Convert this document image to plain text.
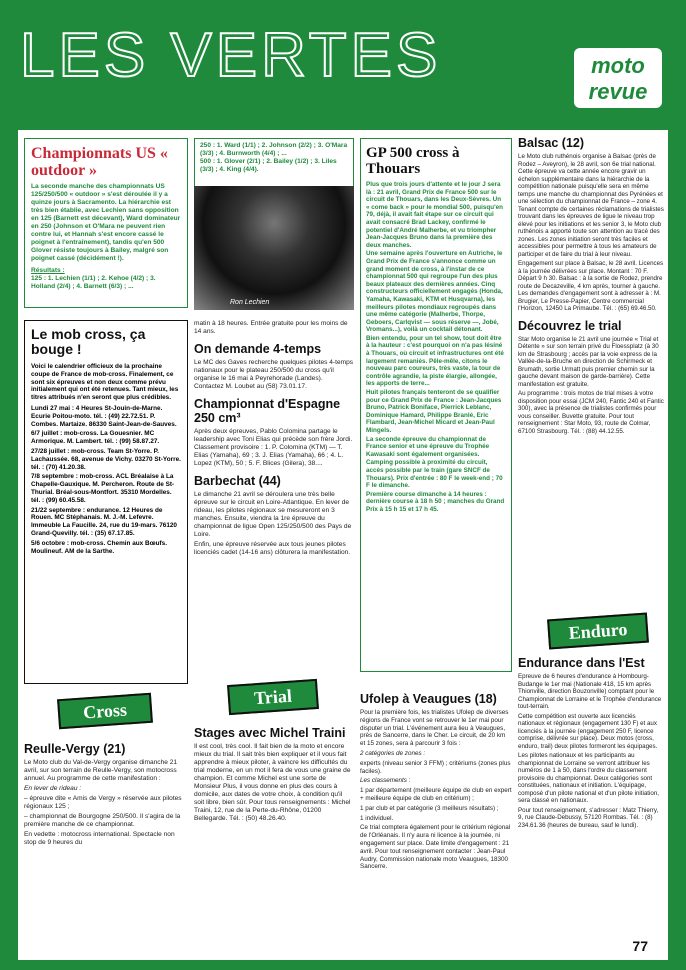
LES VERTES	moto
revue
Championnats US « outdoor »

La seconde manche des championnats US 125/250/500 « outdoor » s'est déroulée il y a quinze jours à Sacramento. La hiérarchie est très bien établie, avec Lechien sans opposition en 125 (Barnett est décevant), Ward dominateur en 250 (Johnson et O'Mara ne peuvent rien contre lui, et Hannah s'est encore cassé le poignet à l'entraînement), tandis qu'en 500 Glover résiste toujours à Bailey, malgré son poignet cassé (décidément !).

Résultats :

125 : 1. Lechien (1/1) ; 2. Kehoe (4/2) ; 3. Holland (2/4) ; 4. Barnett (6/3) ; ...

250 : 1. Ward (1/1) ; 2. Johnson (2/2) ; 3. O'Mara (3/3) ; 4. Burnworth (4/4) ; ...

500 : 1. Glover (2/1) ; 2. Bailey (1/2) ; 3. Liles (3/3) ; 4. King (4/4).

Ron Lechien
Le mob cross, ça bouge !

Voici le calendrier officieux de la prochaine coupe de France de mob-cross. Finalement, ce sont six épreuves et non deux comme prévu initialement qui ont été retenues. Tant mieux, les titres attribués n'en seront que plus crédibles.

Lundi 27 mai : 4 Heures St-Jouin-de-Marne. Ecurie Poitou-moto. tél. : (49) 22.72.51. P. Combes. Martaize. 86330 Saint-Jean-de-Sauves.

6/7 juillet : mob-cross. La Gouesnier. MC Armorique. M. Lambert. tél. : (99) 58.87.27.

27/28 juillet : mob-cross. Team St-Yorre. P. Lachaussée. 68, avenue de Vichy. 03270 St-Yorre. tél. : (70) 41.20.38.

7/8 septembre : mob-cross. ACL Bréalaise à La Chapelle-Gauxique. M. Percheron. Route de St-Thurial. Bréal-sous-Montfort. 35310 Mordelles. tél. : (99) 60.45.58.

21/22 septembre : endurance. 12 Heures de Rouen. MC Stéphanais. M. J.-M. Lefevre. Immeuble La Faucille. 24, rue du 19-mars. 76120 Grand-Quevilly. tél. : (35) 67.17.85.

5/6 octobre : mob-cross. Chemin aux Bœufs. Moulineuf. AM de la Sarthe.

Cross
Reulle-Vergy (21)

Le Moto club du Val-de-Vergy organise dimanche 21 avril, sur son terrain de Reulle-Vergy, son motocross annuel. Au programme de cette manifestation :

En lever de rideau :

– épreuve dite « Amis de Vergy » réservée aux pilotes régionaux 125 ;

– championnat de Bourgogne 250/500. Il s'agira de la première manche de ce championnat.

En vedette : motocross international. Spectacle non stop de 9 heures du

matin à 18 heures. Entrée gratuite pour les moins de 14 ans.

On demande 4-temps

Le MC des Gaves recherche quelques pilotes 4-temps nationaux pour le plateau 250/500 du cross qu'il organise le 16 mai à Peyrehorade (Landes). Contactez M. Loubet au (58) 73.01.17.

Championnat d'Espagne 250 cm³

Après deux épreuves, Pablo Colomina partage le leadership avec Toni Elias qui précède son frère Jordi. Classement provisoire : 1. P. Colomina (KTM) — T. Elias (Yamaha), 69 ; 3. J. Elias (Yamaha), 66 ; 4. L. Lopez (KTM), 50 ; 5. F. Blices (Gilera), 38....

Barbechat (44)

Le dimanche 21 avril se déroulera une très belle épreuve sur le circuit en Loire-Atlantique. En lever de rideau, les pilotes régionaux se mesureront en 3 manches. Ensuite, viendra la 1re épreuve du championnat de ligue Open 125/250/500 des Pays de Loire.

Enfin, une épreuve réservée aux tous jeunes pilotes licenciés cadet (14-16 ans) clôturera la manifestation.

Trial
Stages avec Michel Traini

Il est cool, très cool. Il fait bien de la moto et encore mieux du trial. Il sait très bien expliquer et il vous fait apprendre à mieux piloter, à vaincre les difficultés du trial moderne, en un mot il fera de vous une graine de champion. Et comme Michel est une sorte de Monsieur Plus, il vous donne en plus des cours à domicile, aux dates de votre choix, à condition qu'il soit libre, bien sûr. Pour tous renseignements : Michel Traini, 12, rue de la Perte-du-Rhône, 01200 Bellegarde. Tél. : (50) 48.26.40.

GP 500 cross à Thouars

Plus que trois jours d'attente et le jour J sera là : 21 avril, Grand Prix de France 500 sur le circuit de Thouars, dans les Deux-Sèvres. Un « come back » pour le mondial 500, puisqu'en 79, déjà, il avait fait étape sur ce circuit qui avait consacré Brad Lackey, confirmé le potentiel d'André Malherbe, et vu triompher Jean-Jacques Bruno dans la première des deux manches.

Une semaine après l'ouverture en Autriche, le Grand Prix de France s'annonce comme un grand moment de cross, à l'instar de ce championnat 500 qui regroupe l'un des plus beaux plateaux des dernières années. Cinq constructeurs officiellement engagés (Honda, Yamaha, Kawasaki, KTM et Husqvarna), les meilleurs pilotes mondiaux regroupés dans une même catégorie (Malherbe, Thorpe, Geboers, Carlqvist — sous réserve —, Jobé, Vromans...), voilà un cocktail détonant.

Bien entendu, pour un tel show, tout doit être à la hauteur : c'est pourquoi on n'a pas lésiné à Thouars, où circuit et infrastructures ont été largement remaniés. Pêle-mêle, citons le nouveau parc coureurs, très vaste, la tour de contrôle agrandie, la piste élargie, allongée, les apports de terre...

Huit pilotes français tenteront de se qualifier pour ce Grand Prix de France : Jean-Jacques Bruno, Patrick Boniface, Pierrick Leblanc, Dominique Hamard, Philippe Branlé, Eric Flambard, Jean-Michel Micard et Jean-Paul Mingels.

La seconde épreuve du championnat de France senior et une épreuve du Trophée Kawasaki sont également organisées.

Camping possible à proximité du circuit, accès possible par le train (gare SNCF de Thouars). Prix d'entrée : 80 F le week-end ; 70 F le dimanche.

Première course dimanche à 14 heures : dernière course à 18 h 50 ; manches du Grand Prix à 15 h 15 et 17 h 45.

Ufolep à Veaugues (18)

Pour la première fois, les trialistes Ufolep de diverses régions de France vont se retrouver le 1er mai pour disputer un trial. L'événement aura lieu à Veaugues, près de Sancerre, dans le Cher. Le circuit, de 20 km et 15 zones, sera à parcourir 3 fois :

2 catégories de zones :

experts (niveau senior 3 FFM) ; critériums (zones plus faciles).

Les classements :

1 par département (meilleure équipe de club en expert + meilleure équipe de club en critérium) ;

1 par club et par catégorie (3 meilleurs résultats) ;

1 individuel.

Ce trial comptera également pour le critérium régional de l'Orléanais. Il n'y aura ni licence à la journée, ni engagement sur place. Date limite d'engagement : 21 avril. Pour tout renseignement contacter : Jean-Paul Audry, Commission nationale moto Veaugues, 18300 Sancerre.

Balsac (12)

Le Moto club ruthénois organise à Balsac (près de Rodez – Aveyron), le 28 avril, son 6e trial national. Cette épreuve va cette année encore gravir un échelon supplémentaire dans la hiérarchie de la compétition nationale puisqu'elle sera en même temps une manche du championnat des Pyrénées et une sélection du championnat de France – zone 4. Tenant compte de certaines réclamations de trialistes trouvant dans les épreuves de ligue le niveau trop élevé pour les initiations et les senior 3, le Moto club ruthénois a apporté toute son attention au tracé des zones. Les zones initiation seront très faciles et accessibles pour permettre à tous les amateurs de participer et de faire du trial à leur niveau.

Engagement sur place à Balsac, le 28 avril. Licences à la journée délivrées sur place. Montant : 70 F. Départ 9 h 30. Balsac : à la sortie de Rodez, prendre route de Decazeville, 4 km après, tourner à gauche. Les demandes d'engagement sont à adresser à : M. Brugier, Le Presse-Papier, Centre commercial l'Horizon, 12450 La Primaube. Tél. : (65) 69.46.50.

Découvrez le trial

Star Moto organise le 21 avril une journée « Trial et Détente » sur son terrain privé du Floessplatz (à 30 km de Strasbourg ; accès par la voie express de la Vallée-de-la-Bruche en direction de Schirmeck et Brumath, sortie Urmatt puis premier chemin sur la gauche devant maison de garde-barrière). Cette manifestation est gratuite.

Au programme : trois motos de trial mises à votre disposition pour essai (JCM 240, Fantic 240 et Fantic 300), avec la présence de trialistes confirmés pour vous conseiller. Buvette gratuite. Pour tout renseignement : Star Moto, 93, route de Colmar, 67100 Strasbourg. Tél. : (88) 44.12.55.

Enduro
Endurance dans l'Est

Epreuve de 6 heures d'endurance à Hombourg-Budange le 1er mai (Nationale 418, 15 km après Thionville, direction Bouzonville) comptant pour le Championnat de Lorraine et le Trophée d'endurance tout-terrain.

Cette compétition est ouverte aux licenciés nationaux et régionaux (engagement 130 F) et aux licenciés à la journée (engagement 250 F, licence comprise, délivrée sur place). Deux motos (cross, enduro, trail) deux pilotes formeront les équipages.

Les pilotes nationaux et les participants au championnat de Lorraine se verront attribuer les numéros de 1 à 50, dans l'ordre du classement provisoire du championnat. Deux catégories sont constituées, nationaux et initiation. L'équipage, composé d'un pilote national et d'un pilote initiation, sera classé en nationaux.

Pour tout renseignement, s'adresser : Matz Thierry, 9, rue Claude-Debussy, 57120 Rombas. Tél. : (8) 234.61.36 (heures de bureau, sauf le lundi).

77
